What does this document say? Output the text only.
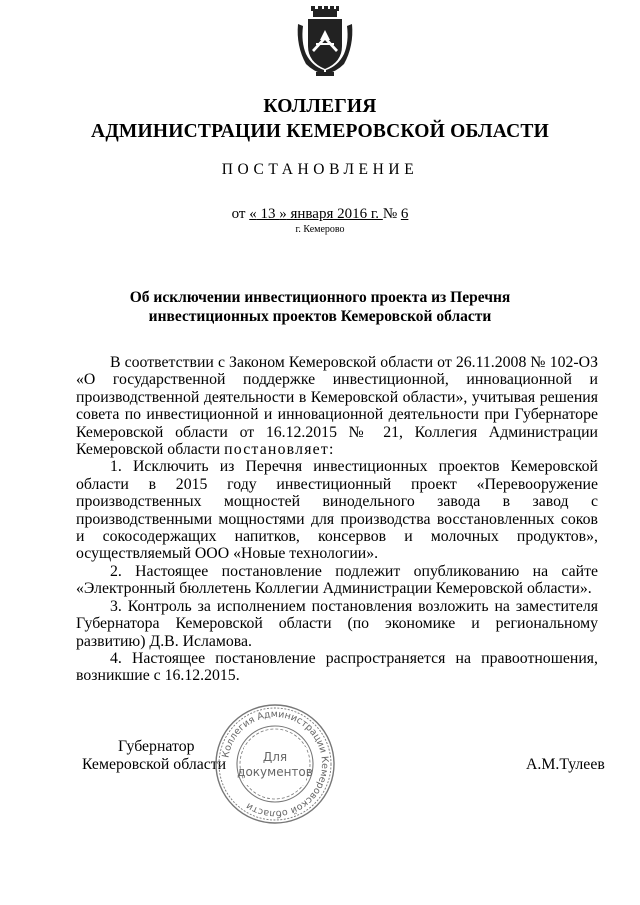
КОЛЛЕГИЯ
АДМИНИСТРАЦИИ КЕМЕРОВСКОЙ ОБЛАСТИ
ПОСТАНОВЛЕНИЕ
от « 13 » января 2016 г. № 6
г. Кемерово
Об исключении инвестиционного проекта из Перечня
инвестиционных проектов Кемеровской области

В соответствии с Законом Кемеровской области от 26.11.2008 № 102-ОЗ «О государственной поддержке инвестиционной, инновационной и производственной деятельности в Кемеровской области», учитывая решения совета по инвестиционной и инновационной деятельности при Губернаторе Кемеровской области от 16.12.2015 № 21, Коллегия Администрации Кемеровской области постановляет:

1. Исключить из Перечня инвестиционных проектов Кемеровской области в 2015 году инвестиционный проект «Перевооружение производственных мощностей винодельного завода в завод с производственными мощностями для производства восстановленных соков и сокосодержащих напитков, консервов и молочных продуктов», осуществляемый ООО «Новые технологии».

2. Настоящее постановление подлежит опубликованию на сайте «Электронный бюллетень Коллегии Администрации Кемеровской области».

3. Контроль за исполнением постановления возложить на заместителя Губернатора Кемеровской области (по экономике и региональному развитию) Д.В. Исламова.

4. Настоящее постановление распространяется на правоотношения, возникшие с 16.12.2015.

Губернатор
Кемеровской области	А.М.Тулеев
Коллегия Администрации Кемеровской области
Для
документов
